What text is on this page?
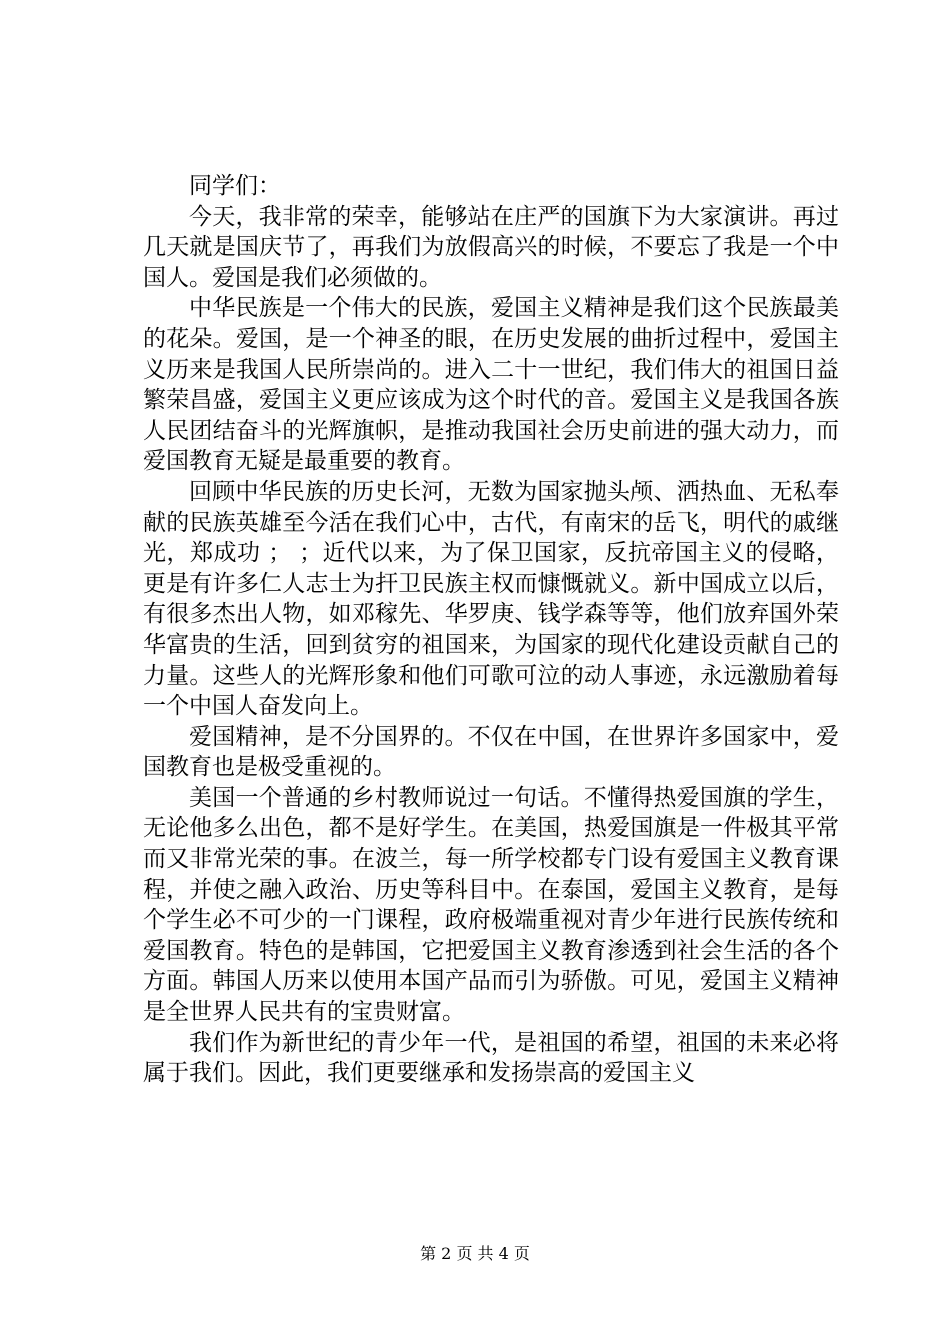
同学们：

今天，我非常的荣幸，能够站在庄严的国旗下为大家演讲。再过几天就是国庆节了，再我们为放假高兴的时候，不要忘了我是一个中国人。爱国是我们必须做的。

中华民族是一个伟大的民族，爱国主义精神是我们这个民族最美的花朵。爱国，是一个神圣的眼，在历史发展的曲折过程中，爱国主义历来是我国人民所崇尚的。进入二十一世纪，我们伟大的祖国日益繁荣昌盛，爱国主义更应该成为这个时代的音。爱国主义是我国各族人民团结奋斗的光辉旗帜，是推动我国社会历史前进的强大动力，而爱国教育无疑是最重要的教育。

回顾中华民族的历史长河，无数为国家抛头颅、洒热血、无私奉献的民族英雄至今活在我们心中，古代，有南宋的岳飞，明代的戚继光，郑成功 ； ；近代以来，为了保卫国家，反抗帝国主义的侵略，更是有许多仁人志士为扞卫民族主权而慷慨就义。新中国成立以后，有很多杰出人物，如邓稼先、华罗庚、钱学森等等，他们放弃国外荣华富贵的生活，回到贫穷的祖国来，为国家的现代化建设贡献自己的力量。这些人的光辉形象和他们可歌可泣的动人事迹，永远激励着每一个中国人奋发向上。

爱国精神，是不分国界的。不仅在中国，在世界许多国家中，爱国教育也是极受重视的。

美国一个普通的乡村教师说过一句话。不懂得热爱国旗的学生，无论他多么出色，都不是好学生。在美国，热爱国旗是一件极其平常而又非常光荣的事。在波兰，每一所学校都专门设有爱国主义教育课程，并使之融入政治、历史等科目中。在泰国，爱国主义教育，是每个学生必不可少的一门课程，政府极端重视对青少年进行民族传统和爱国教育。特色的是韩国，它把爱国主义教育渗透到社会生活的各个方面。韩国人历来以使用本国产品而引为骄傲。可见，爱国主义精神是全世界人民共有的宝贵财富。

我们作为新世纪的青少年一代，是祖国的希望，祖国的未来必将属于我们。因此，我们更要继承和发扬崇高的爱国主义

第 2 页 共 4 页
